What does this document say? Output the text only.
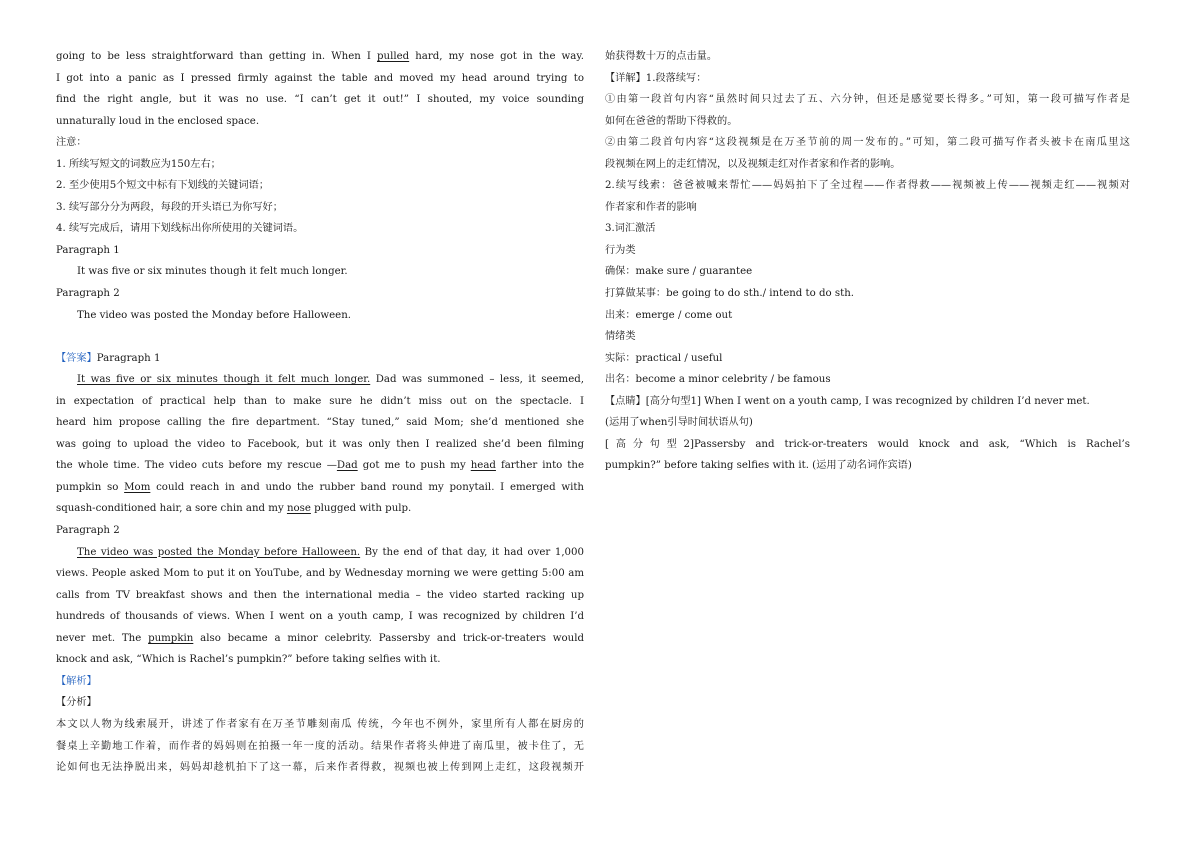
going to be less straightforward than getting in. When I pulled hard, my nose got in the way.
I got into a panic as I pressed firmly against the table and moved my head around trying to
find the right angle, but it was no use. “I can’t get it out!” I shouted, my voice sounding
unnaturally loud in the enclosed space.
注意：
1. 所续写短文的词数应为150左右；
2. 至少使用5个短文中标有下划线的关键词语；
3. 续写部分分为两段，每段的开头语已为你写好；
4. 续写完成后，请用下划线标出你所使用的关键词语。
Paragraph 1
It was five or six minutes though it felt much longer.
Paragraph 2
The video was posted the Monday before Halloween.
【答案】Paragraph 1
It was five or six minutes though it felt much longer. Dad was summoned – less, it seemed,
in expectation of practical help than to make sure he didn’t miss out on the spectacle. I
heard him propose calling the fire department. “Stay tuned,” said Mom; she’d mentioned she
was going to upload the video to Facebook, but it was only then I realized she’d been filming
the whole time. The video cuts before my rescue —Dad got me to push my head farther into the
pumpkin so Mom could reach in and undo the rubber band round my ponytail. I emerged with
squash-conditioned hair, a sore chin and my nose plugged with pulp.
Paragraph 2
The video was posted the Monday before Halloween. By the end of that day, it had over 1,000
views. People asked Mom to put it on YouTube, and by Wednesday morning we were getting 5:00 am
calls from TV breakfast shows and then the international media – the video started racking up
hundreds of thousands of views. When I went on a youth camp, I was recognized by children I’d
never met. The pumpkin also became a minor celebrity. Passersby and trick-or-treaters would
knock and ask, “Which is Rachel’s pumpkin?” before taking selfies with it.
【解析】
【分析】
本文以人物为线索展开，讲述了作者家有在万圣节雕刻南瓜 传统，今年也不例外，家里所有人都在厨房的
餐桌上辛勤地工作着，而作者的妈妈则在拍摄一年一度的活动。结果作者将头伸进了南瓜里，被卡住了，无
论如何也无法挣脱出来，妈妈却趁机拍下了这一幕，后来作者得救，视频也被上传到网上走红，这段视频开
始获得数十万的点击量。
【详解】1.段落续写：
①由第一段首句内容“虽然时间只过去了五、六分钟，但还是感觉要长得多。”可知，第一段可描写作者是
如何在爸爸的帮助下得救的。
②由第二段首句内容“这段视频是在万圣节前的周一发布的。”可知，第二段可描写作者头被卡在南瓜里这
段视频在网上的走红情况，以及视频走红对作者家和作者的影响。
2.续写线索：爸爸被喊来帮忙——妈妈拍下了全过程——作者得救——视频被上传——视频走红——视频对
作者家和作者的影响
3.词汇激活
行为类
确保：make sure / guarantee
打算做某事：be going to do sth./ intend to do sth.
出来：emerge / come out
情绪类
实际：practical / useful
出名：become a minor celebrity / be famous
【点睛】[高分句型1] When I went on a youth camp, I was recognized by children I’d never met.
(运用了when引导时间状语从句)
[高分句型2]Passersby and trick-or-treaters would knock and ask, “Which is Rachel’s
pumpkin?” before taking selfies with it. (运用了动名词作宾语)
